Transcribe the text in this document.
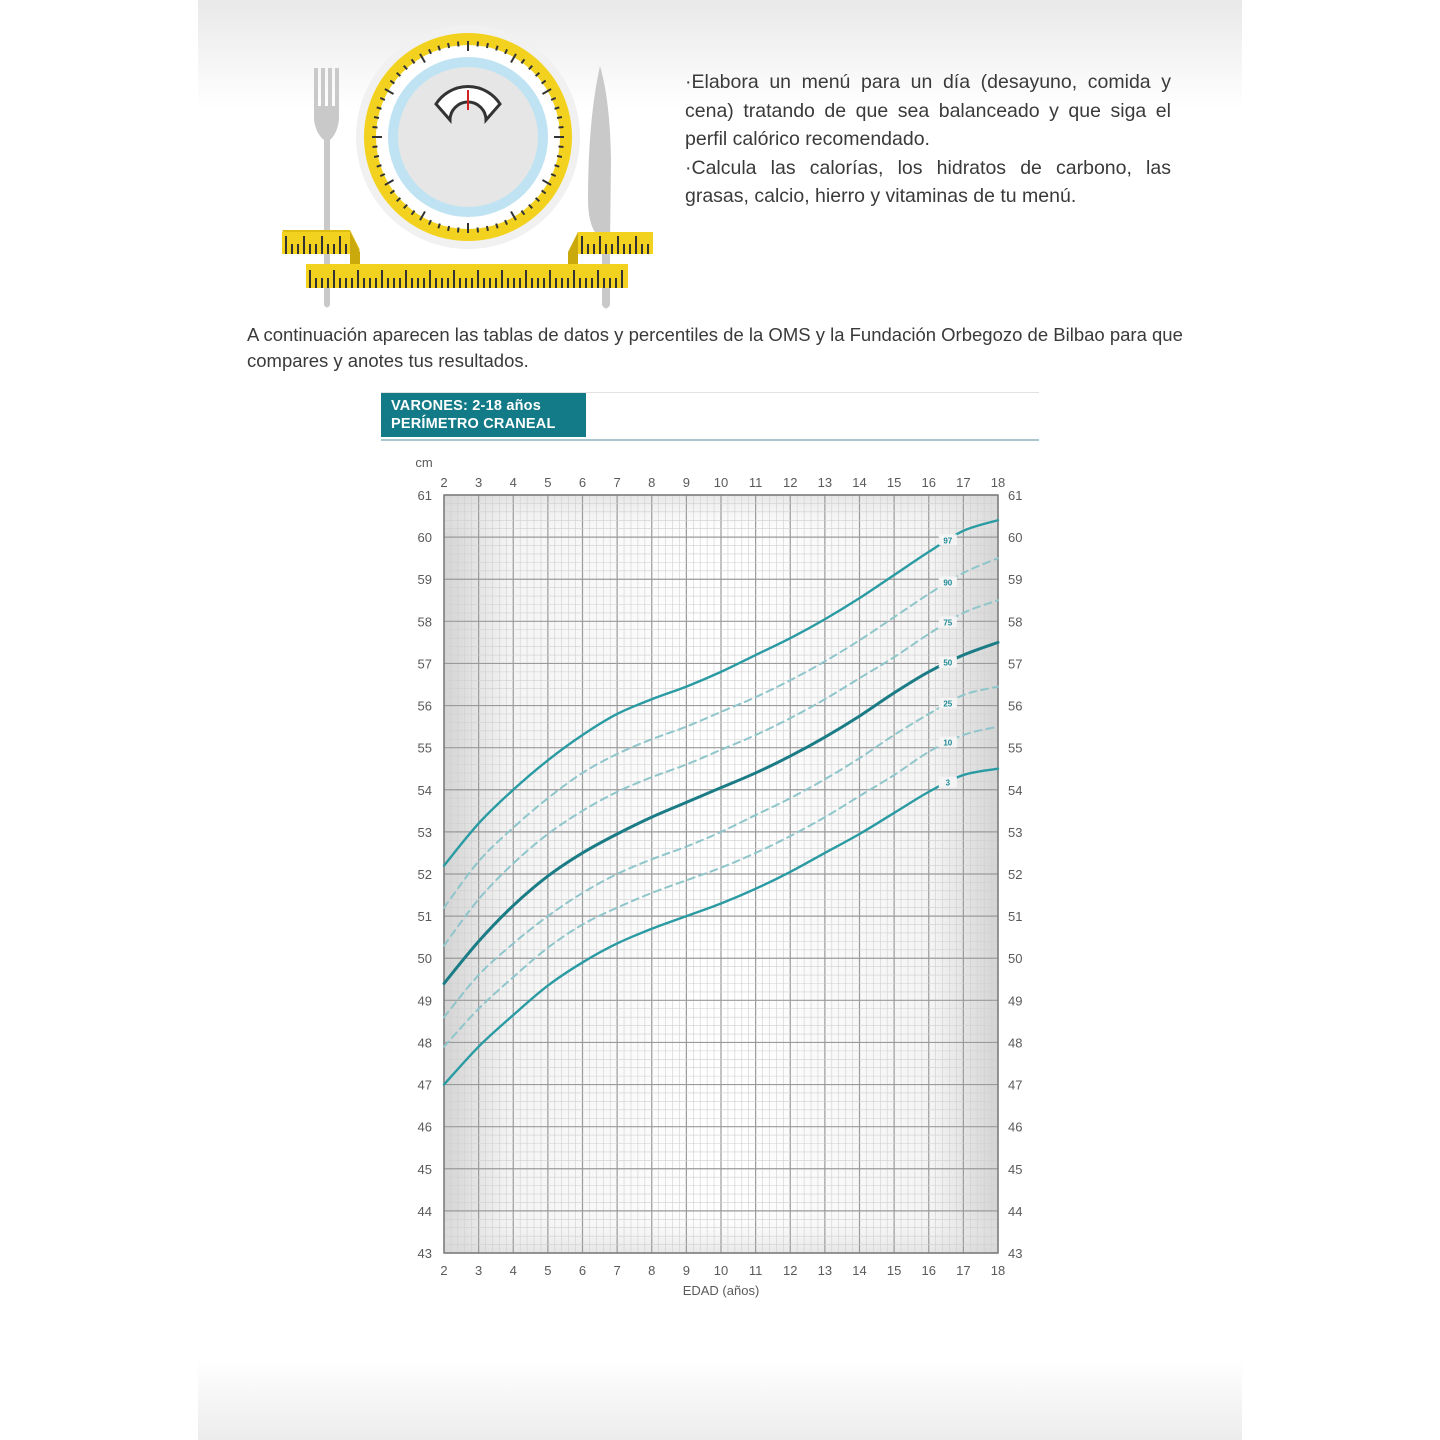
·Elabora un menú para un día (desayuno, comida y cena) tratando de que sea balanceado y que siga el perfil calórico recomendado.

·Calcula las calorías, los hidratos de carbono, las grasas, calcio, hierro y vitaminas de tu menú.

A continuación aparecen las tablas de datos y percentiles de la OMS y la Fundación Orbegozo de Bilbao para que compares y anotes tus resultados.

VARONES: 2-18 años
PERÍMETRO CRANEAL
2
2
3
3
4
4
5
5
6
6
7
7
8
8
9
9
10
10
11
11
12
12
13
13
14
14
15
15
16
16
17
17
18
18
43	43
44	44
45	45
46	46
47	47
48	48
49	49
50	50
51	51
52	52
53	53
54	54
55	55
56	56
57	57
58	58
59	59
60	60
61	61
cm
EDAD (años)
97
90
75
50
25
10
3
